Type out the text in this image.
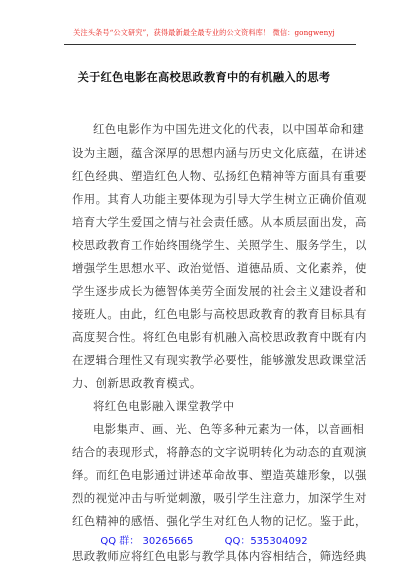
关注头条号“公文研究”，获得最新最全最专业的公文资料库！ 微信：gongwenyj
关于红色电影在高校思政教育中的有机融入的思考
红色电影作为中国先进文化的代表，以中国革命和建
设为主题，蕴含深厚的思想内涵与历史文化底蕴，在讲述
红色经典、塑造红色人物、弘扬红色精神等方面具有重要
作用。其育人功能主要体现为引导大学生树立正确价值观
培育大学生爱国之情与社会责任感。从本质层面出发，高
校思政教育工作始终围绕学生、关照学生、服务学生，以
增强学生思想水平、政治觉悟、道德品质、文化素养，使
学生逐步成长为德智体美劳全面发展的社会主义建设者和
接班人。由此，红色电影与高校思政教育的教育目标具有
高度契合性。将红色电影有机融入高校思政教育中既有内
在逻辑合理性又有现实教学必要性，能够激发思政课堂活
力、创新思政教育模式。
将红色电影融入课堂教学中
电影集声、画、光、色等多种元素为一体，以音画相
结合的表现形式，将静态的文字说明转化为动态的直观演
绎。而红色电影通过讲述革命故事、塑造英雄形象，以强
烈的视觉冲击与听觉刺激，吸引学生注意力，加深学生对
红色精神的感悟、强化学生对红色人物的记忆。鉴于此，
思政教师应将红色电影与教学具体内容相结合，筛选经典
QQ 群： 30265665	QQ：535304092
